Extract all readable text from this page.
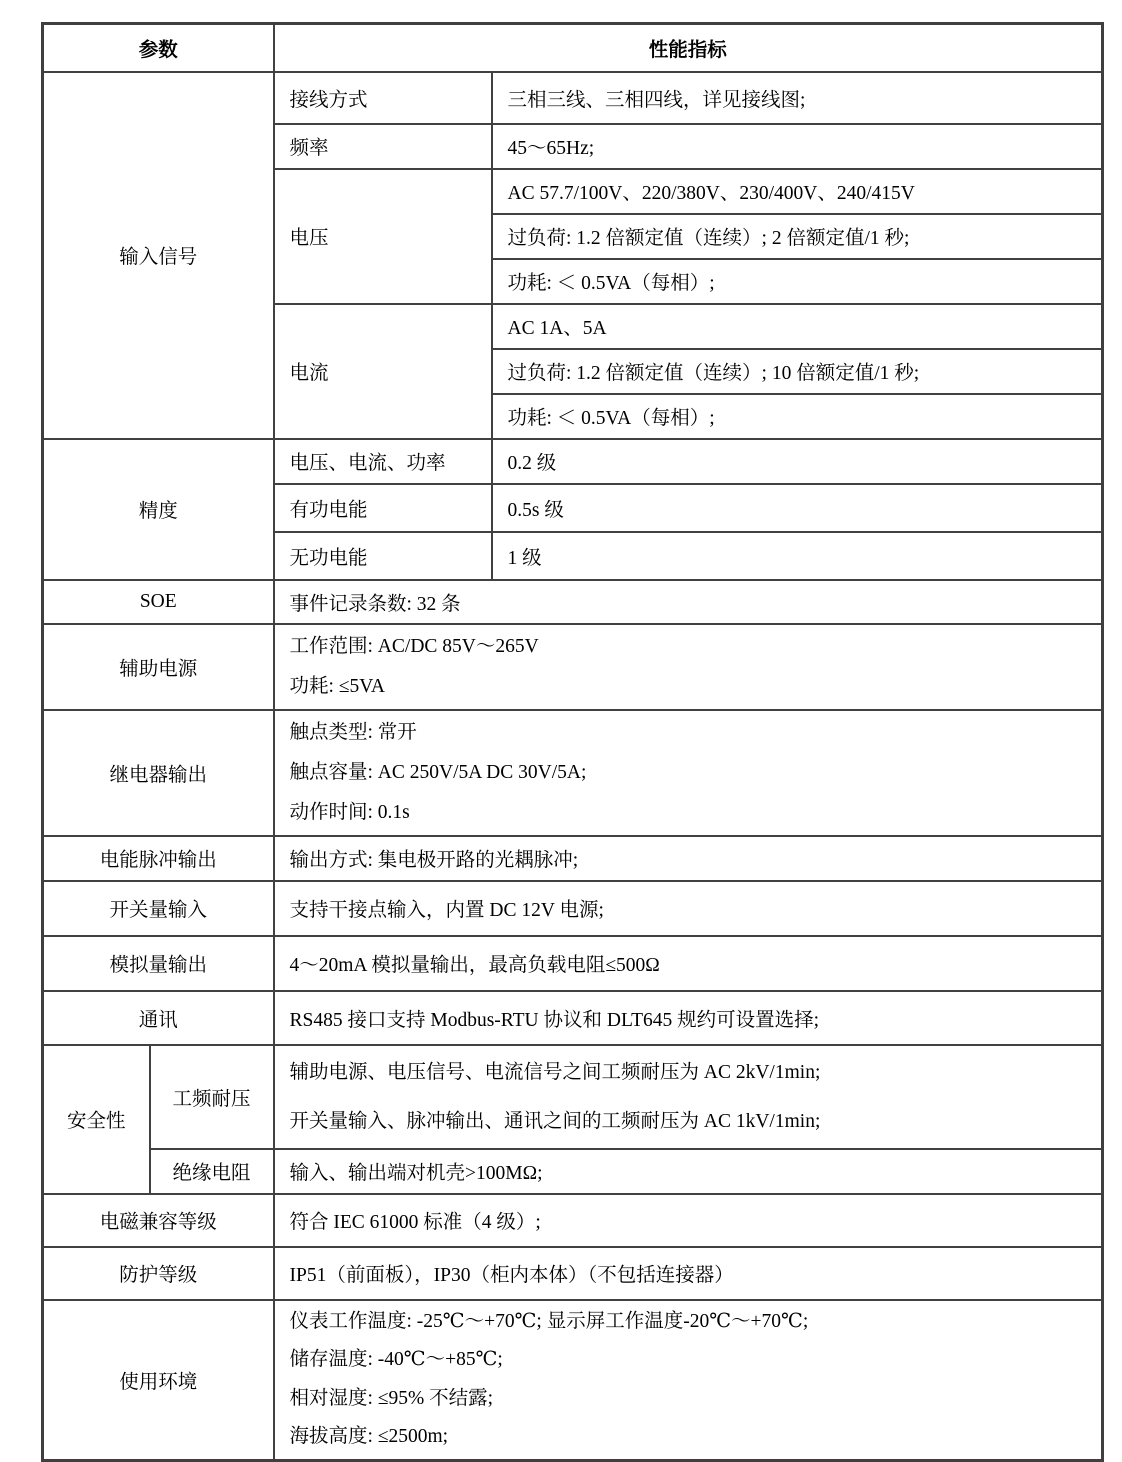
参数		性能指标	
输入信号		接线方式	三相三线、三相四线，详见接线图;
		频率	45～65Hz;
		电压	AC 57.7/100V、220/380V、230/400V、240/415V
			过负荷: 1.2 倍额定值（连续）; 2 倍额定值/1 秒;
			功耗: ＜ 0.5VA（每相）;
		电流	AC 1A、5A
			过负荷: 1.2 倍额定值（连续）; 10 倍额定值/1 秒;
			功耗: ＜ 0.5VA（每相）;
精度		电压、电流、功率	0.2 级
		有功电能	0.5s 级
		无功电能	1 级
SOE		事件记录条数: 32 条	
辅助电源		工作范围: AC/DC 85V～265V
功耗: ≤5VA	

继电器输出		触点类型: 常开
触点容量: AC 250V/5A DC 30V/5A;
动作时间: 0.1s	

电能脉冲输出		输出方式: 集电极开路的光耦脉冲;	
开关量输入		支持干接点输入，内置 DC 12V 电源;	
模拟量输出		4～20mA 模拟量输出，最高负载电阻≤500Ω	
通讯		RS485 接口支持 Modbus-RTU 协议和 DLT645 规约可设置选择;	
安全性	工频耐压	辅助电源、电压信号、电流信号之间工频耐压为 AC 2kV/1min;
开关量输入、脉冲输出、通讯之间的工频耐压为 AC 1kV/1min;	

	绝缘电阻	输入、输出端对机壳>100MΩ;	
电磁兼容等级		符合 IEC 61000 标准（4 级）;	
防护等级		IP51（前面板），IP30（柜内本体）（不包括连接器）	
使用环境		仪表工作温度: -25℃～+70℃; 显示屏工作温度-20℃～+70℃;
储存温度: -40℃～+85℃;
相对湿度: ≤95% 不结露;
海拔高度: ≤2500m;	
